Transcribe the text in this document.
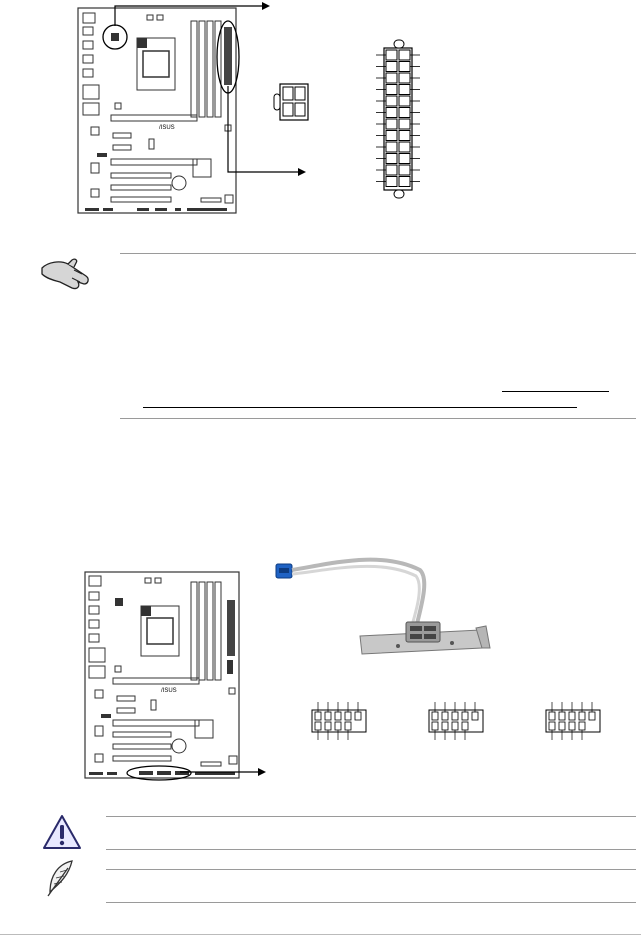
/ISUS
/ISUS
